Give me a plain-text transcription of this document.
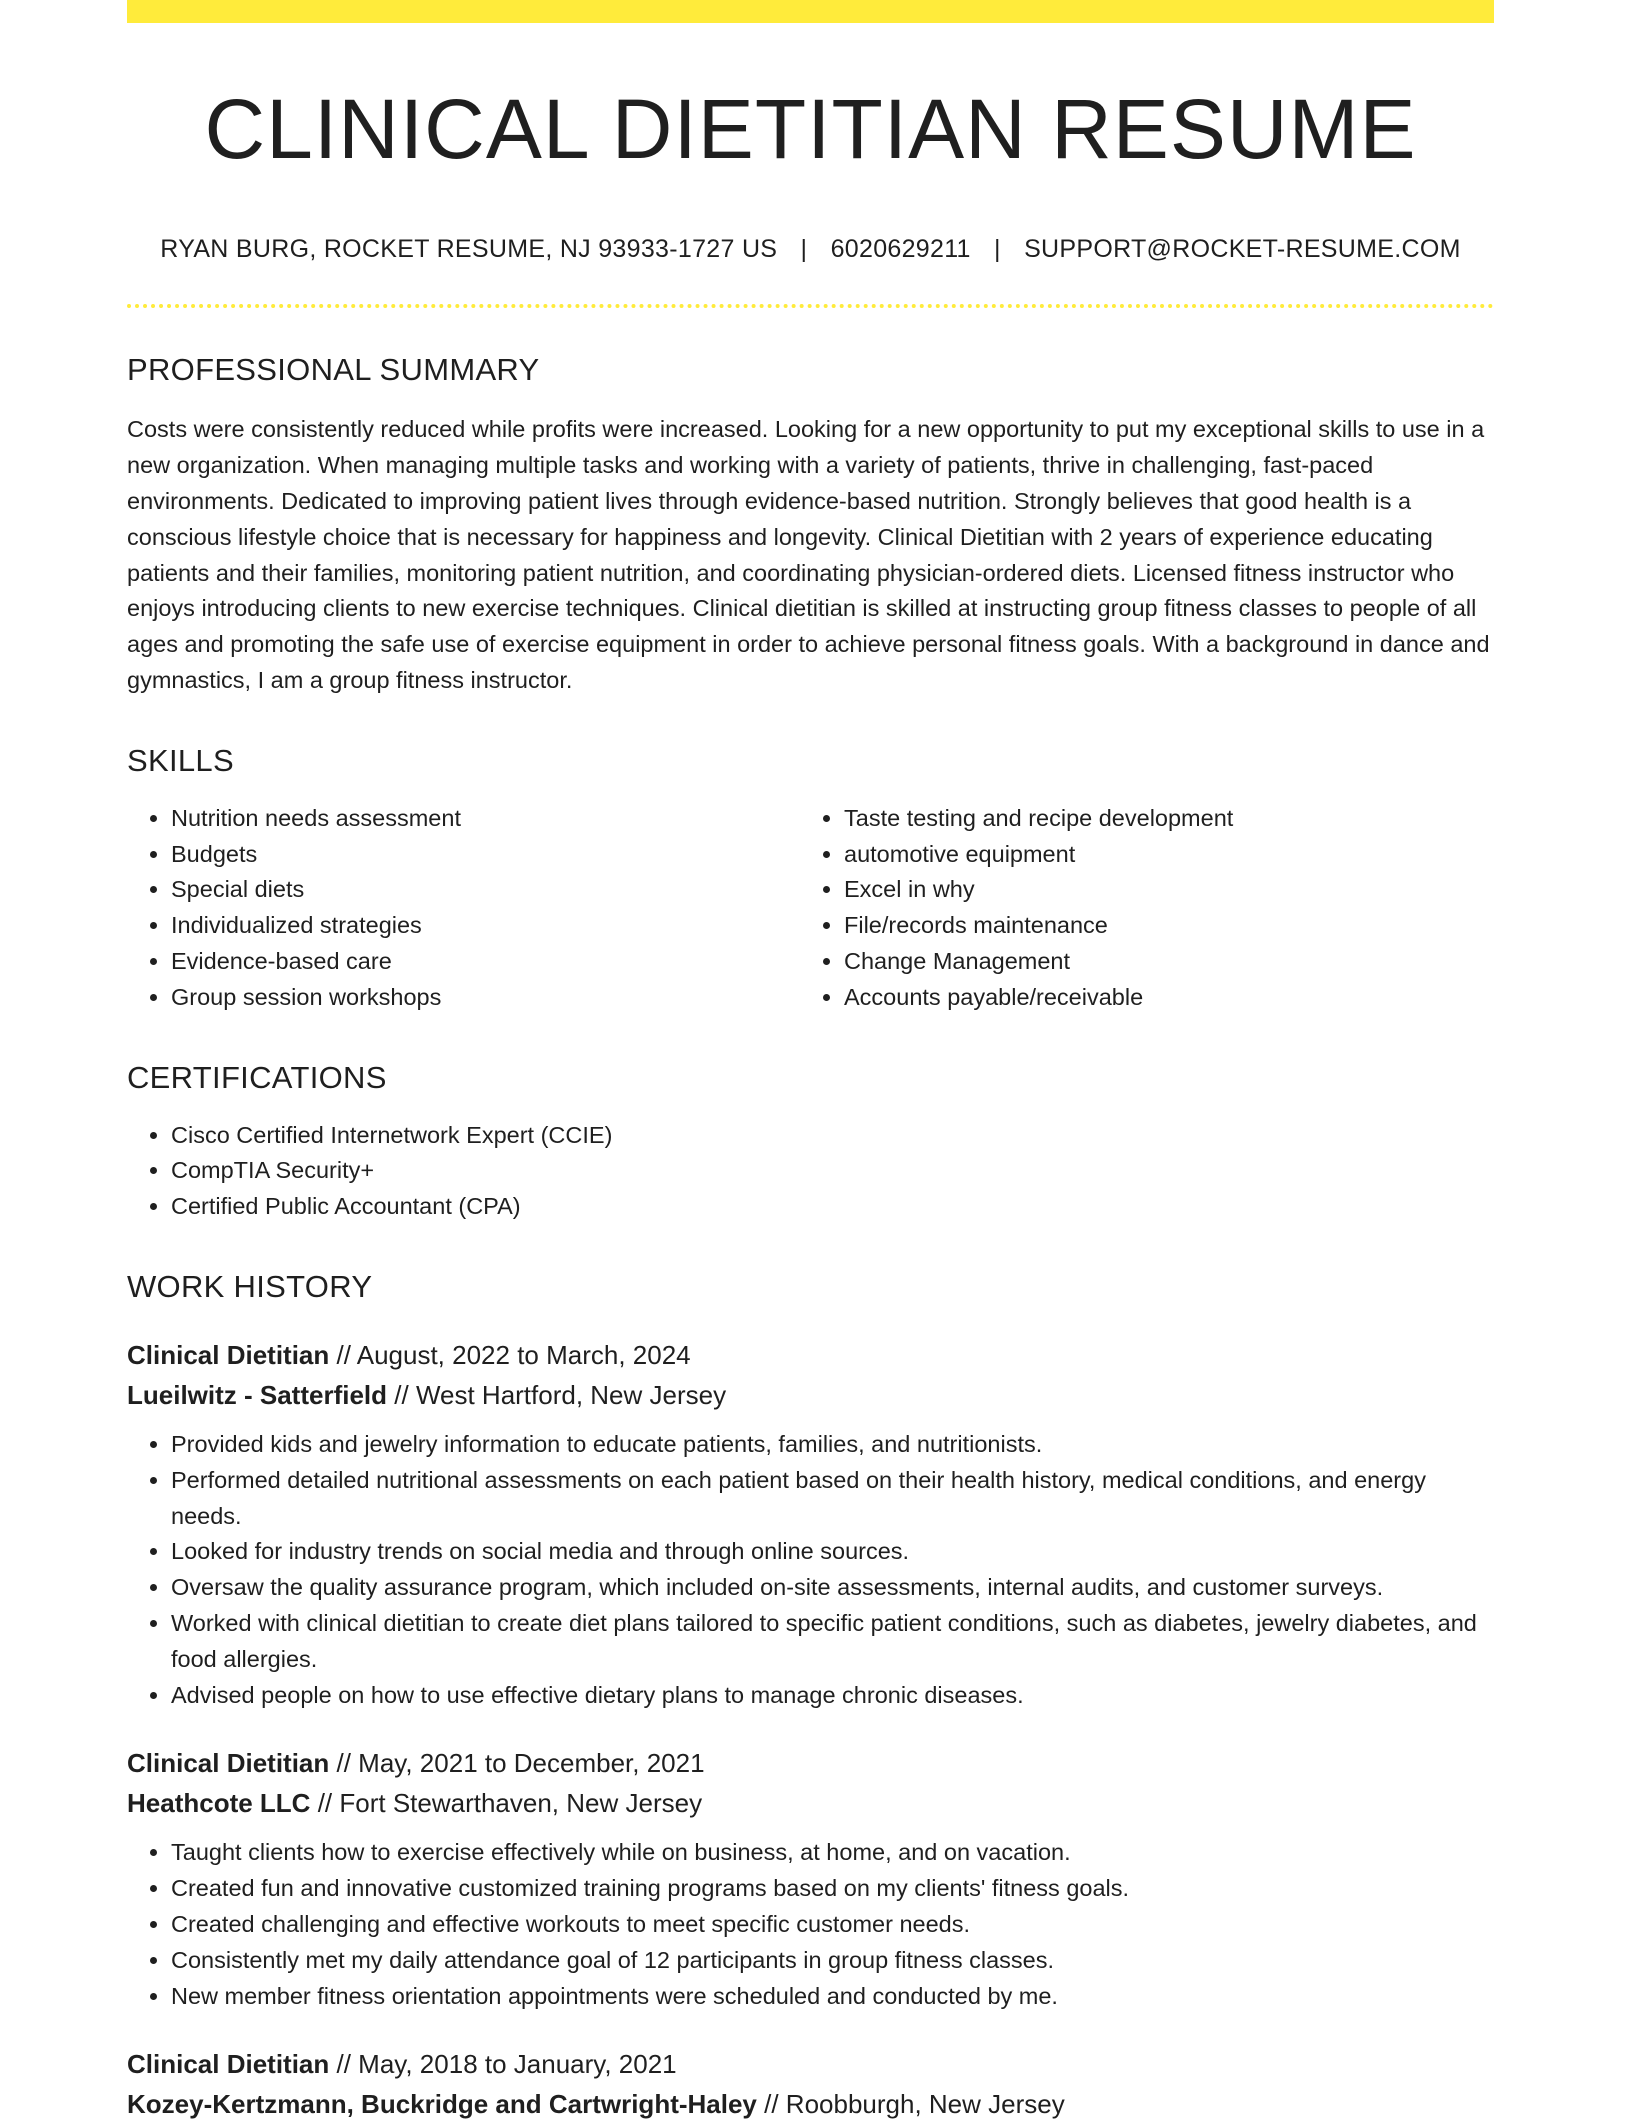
CLINICAL DIETITIAN RESUME
RYAN BURG, ROCKET RESUME, NJ 93933-1727 US | 6020629211 | SUPPORT@ROCKET-RESUME.COM
PROFESSIONAL SUMMARY

Costs were consistently reduced while profits were increased. Looking for a new opportunity to put my exceptional skills to use in a new organization. When managing multiple tasks and working with a variety of patients, thrive in challenging, fast-paced environments. Dedicated to improving patient lives through evidence-based nutrition. Strongly believes that good health is a conscious lifestyle choice that is necessary for happiness and longevity. Clinical Dietitian with 2 years of experience educating patients and their families, monitoring patient nutrition, and coordinating physician-ordered diets. Licensed fitness instructor who enjoys introducing clients to new exercise techniques. Clinical dietitian is skilled at instructing group fitness classes to people of all ages and promoting the safe use of exercise equipment in order to achieve personal fitness goals. With a background in dance and gymnastics, I am a group fitness instructor.

SKILLS
• Nutrition needs assessment
• Budgets
• Special diets
• Individualized strategies
• Evidence-based care
• Group session workshops
• Taste testing and recipe development
• automotive equipment
• Excel in why
• File/records maintenance
• Change Management
• Accounts payable/receivable
CERTIFICATIONS
• Cisco Certified Internetwork Expert (CCIE)
• CompTIA Security+
• Certified Public Accountant (CPA)
WORK HISTORY
Clinical Dietitian // August, 2022 to March, 2024
Lueilwitz - Satterfield // West Hartford, New Jersey
• Provided kids and jewelry information to educate patients, families, and nutritionists.
• Performed detailed nutritional assessments on each patient based on their health history, medical conditions, and energy needs.
• Looked for industry trends on social media and through online sources.
• Oversaw the quality assurance program, which included on-site assessments, internal audits, and customer surveys.
• Worked with clinical dietitian to create diet plans tailored to specific patient conditions, such as diabetes, jewelry diabetes, and food allergies.
• Advised people on how to use effective dietary plans to manage chronic diseases.
Clinical Dietitian // May, 2021 to December, 2021
Heathcote LLC // Fort Stewarthaven, New Jersey
• Taught clients how to exercise effectively while on business, at home, and on vacation.
• Created fun and innovative customized training programs based on my clients' fitness goals.
• Created challenging and effective workouts to meet specific customer needs.
• Consistently met my daily attendance goal of 12 participants in group fitness classes.
• New member fitness orientation appointments were scheduled and conducted by me.
Clinical Dietitian // May, 2018 to January, 2021
Kozey-Kertzmann, Buckridge and Cartwright-Haley // Roobburgh, New Jersey
